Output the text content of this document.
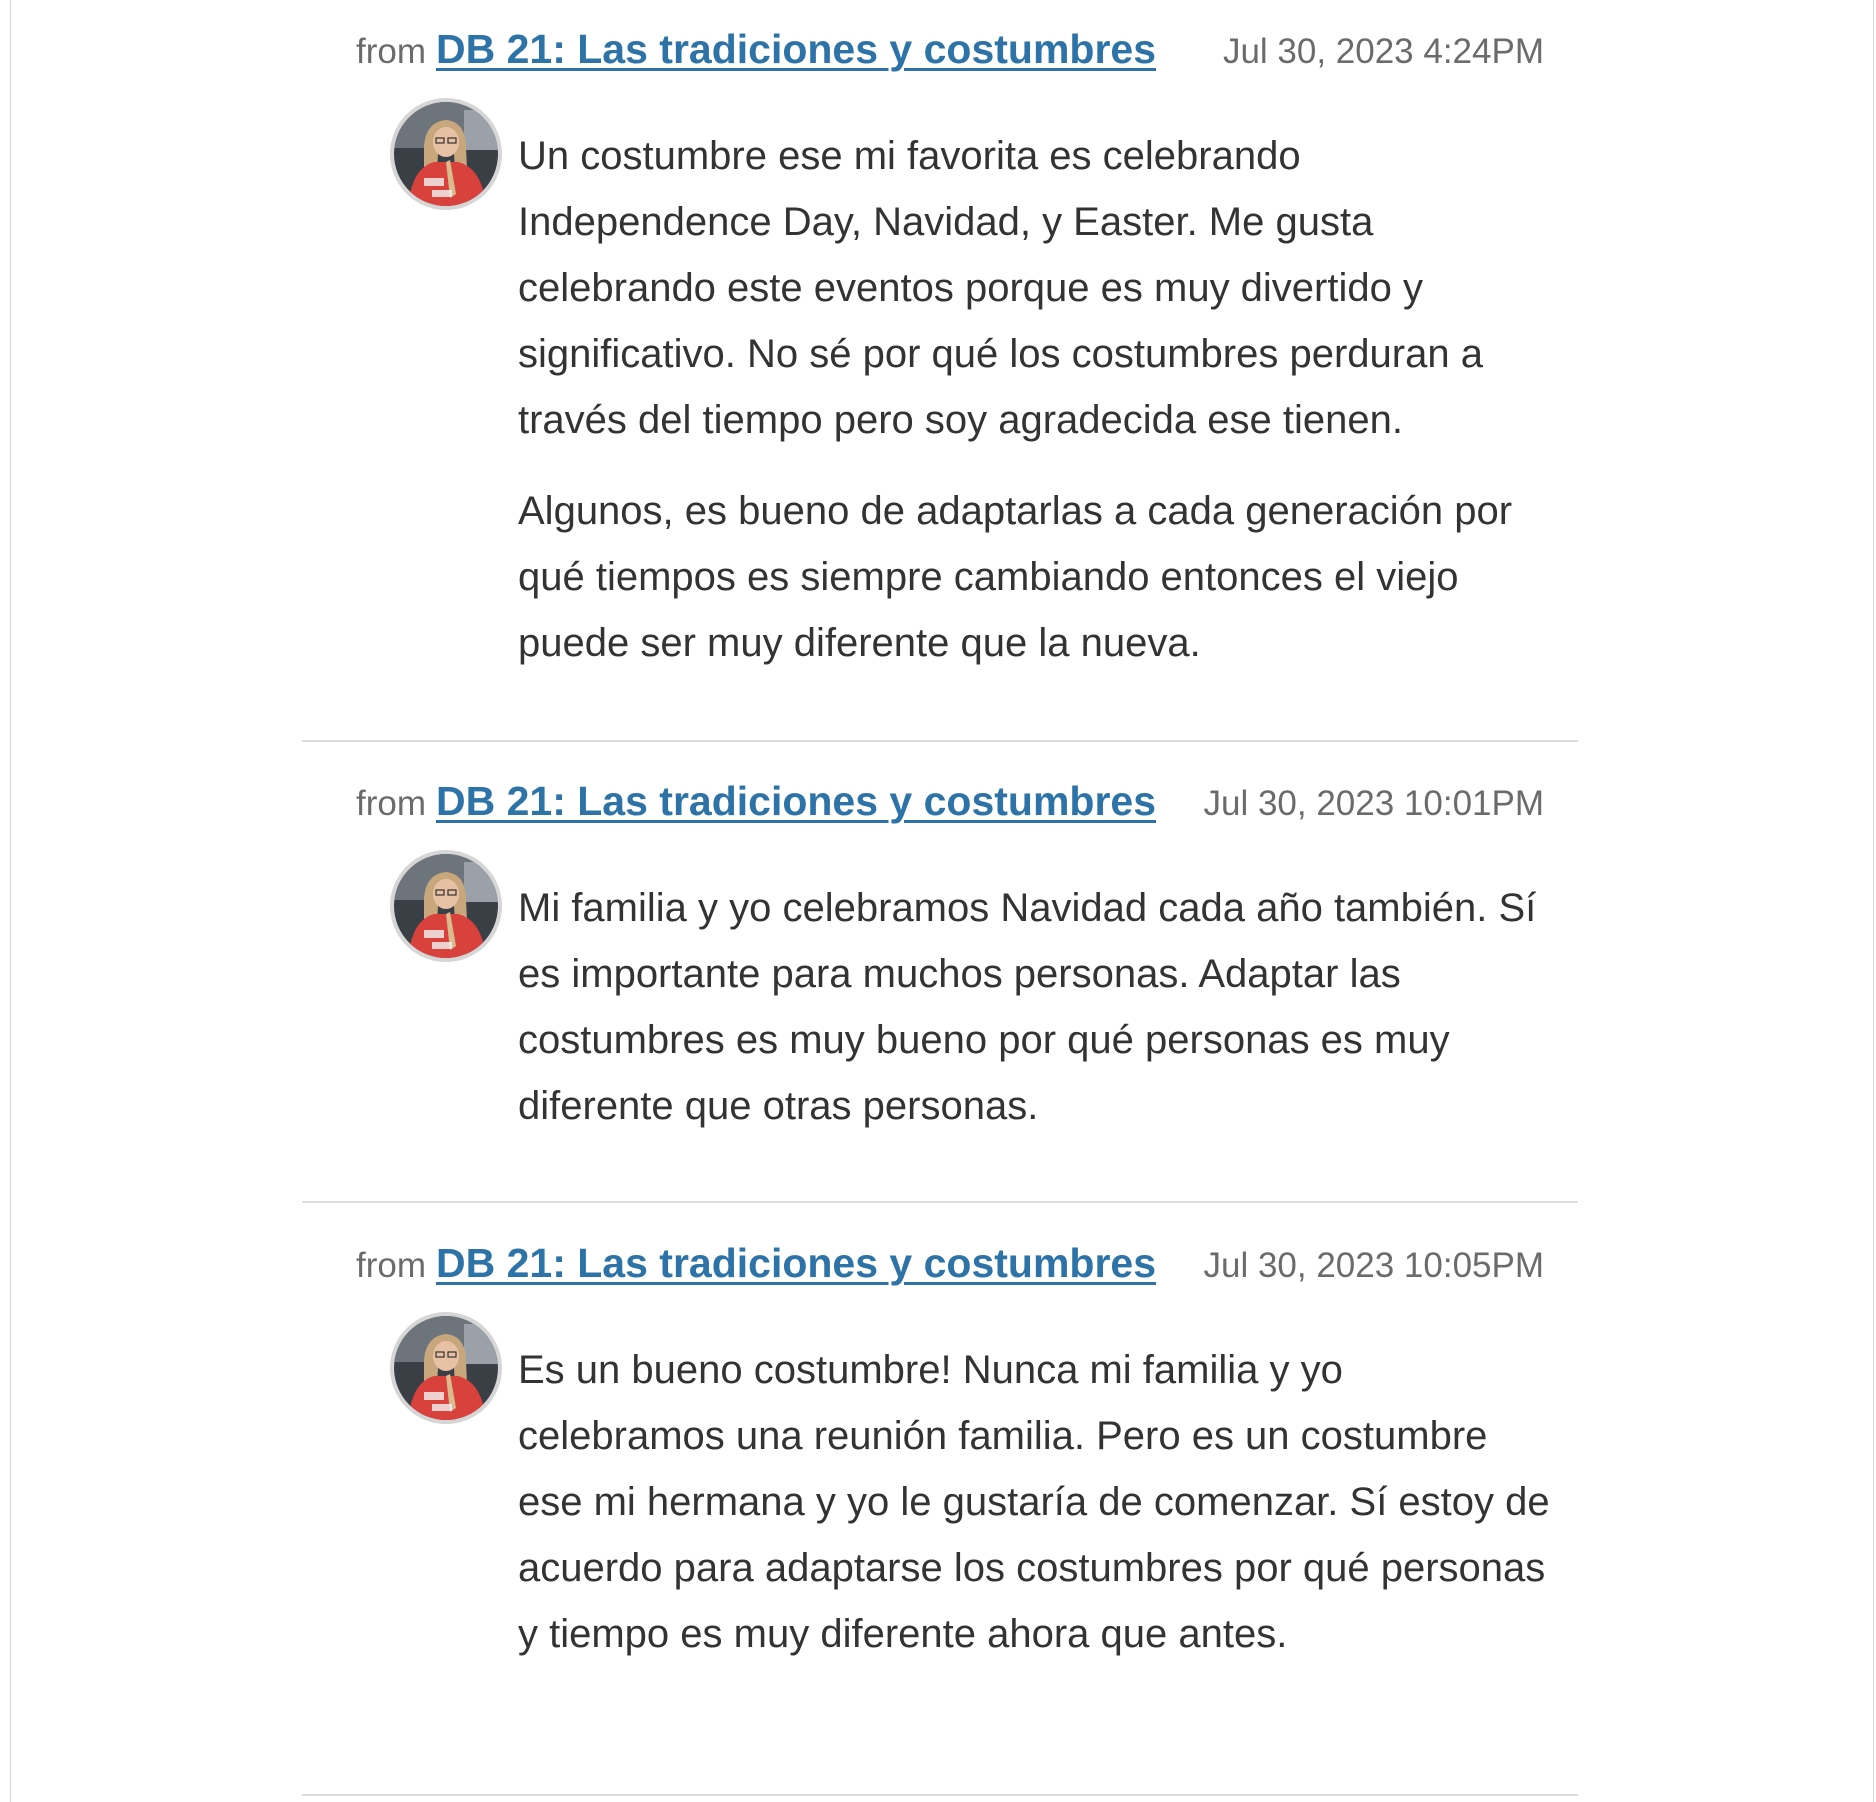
from DB 21: Las tradiciones y costumbres Jul 30, 2023 4:24PM

Un costumbre ese mi favorita es celebrando Independence Day, Navidad, y Easter. Me gusta celebrando este eventos porque es muy divertido y significativo. No sé por qué los costumbres perduran a través del tiempo pero soy agradecida ese tienen.

Algunos, es bueno de adaptarlas a cada generación por qué tiempos es siempre cambiando entonces el viejo puede ser muy diferente que la nueva.

from DB 21: Las tradiciones y costumbres Jul 30, 2023 10:01PM

Mi familia y yo celebramos Navidad cada año también. Sí es importante para muchos personas. Adaptar las costumbres es muy bueno por qué personas es muy diferente que otras personas.

from DB 21: Las tradiciones y costumbres Jul 30, 2023 10:05PM

Es un bueno costumbre! Nunca mi familia y yo celebramos una reunión familia. Pero es un costumbre ese mi hermana y yo le gustaría de comenzar. Sí estoy de acuerdo para adaptarse los costumbres por qué personas y tiempo es muy diferente ahora que antes.
